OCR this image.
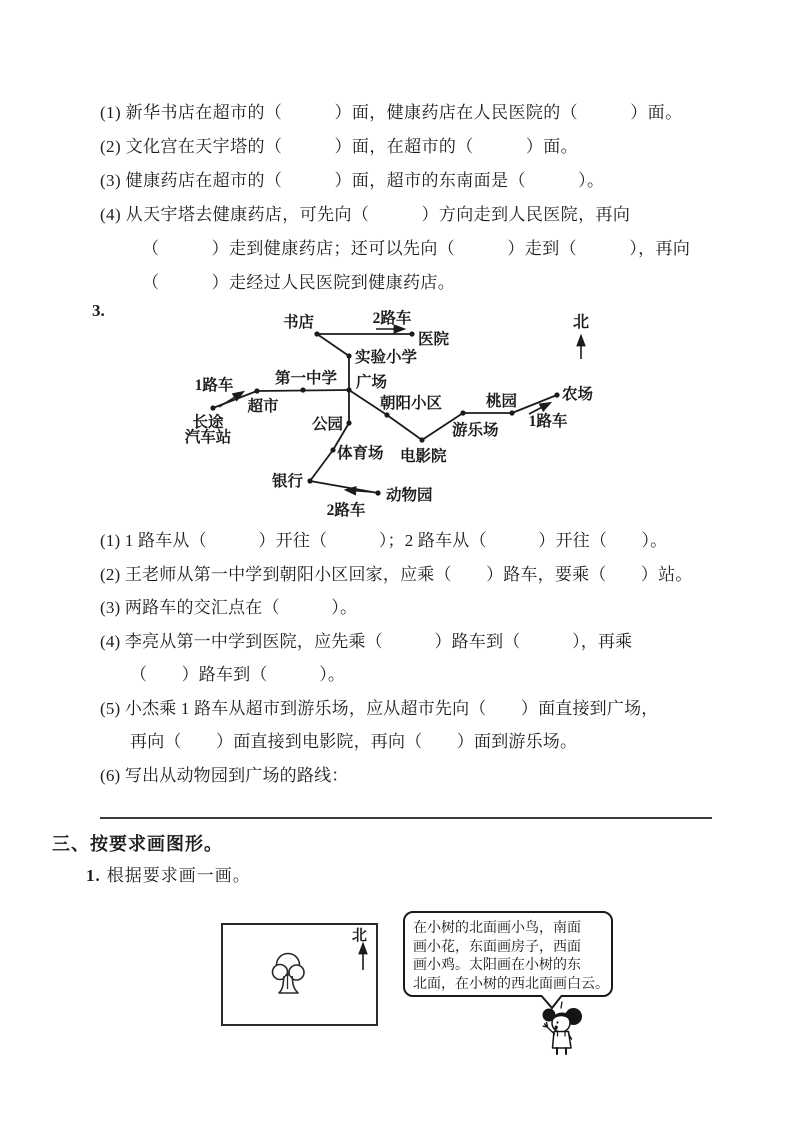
(1) 新华书店在超市的（　　　）面，健康药店在人民医院的（　　　）面。
(2) 文化宫在天宇塔的（　　　）面，在超市的（　　　）面。
(3) 健康药店在超市的（　　　）面，超市的东南面是（　　　）。
(4) 从天宇塔去健康药店，可先向（　　　）方向走到人民医院，再向
（　　　）走到健康药店；还可以先向（　　　）走到（　　　），再向
（　　　）走经过人民医院到健康药店。
3.	2路车
1路车
1路车
2路车
书店
医院
实验小学
第一中学 广场
超市
长途汽车站
公园
体育场
银行
动物园
朝阳小区
电影院
游乐场
桃园	农场
北
(1) 1 路车从（　　　）开往（　　　）；2 路车从（　　　）开往（　　）。
(2) 王老师从第一中学到朝阳小区回家，应乘（　　）路车，要乘（　　）站。
(3) 两路车的交汇点在（　　　）。
(4) 李亮从第一中学到医院，应先乘（　　　）路车到（　　　），再乘
（　　）路车到（　　　）。
(5) 小杰乘 1 路车从超市到游乐场，应从超市先向（　　）面直接到广场，
再向（　　）面直接到电影院，再向（　　）面到游乐场。
(6) 写出从动物园到广场的路线：
三、按要求画图形。
1. 根据要求画一画。
北	在小树的北面画小鸟，南面
画小花，东面画房子，西面
画小鸡。太阳画在小树的东
北面，在小树的西北面画白云。
